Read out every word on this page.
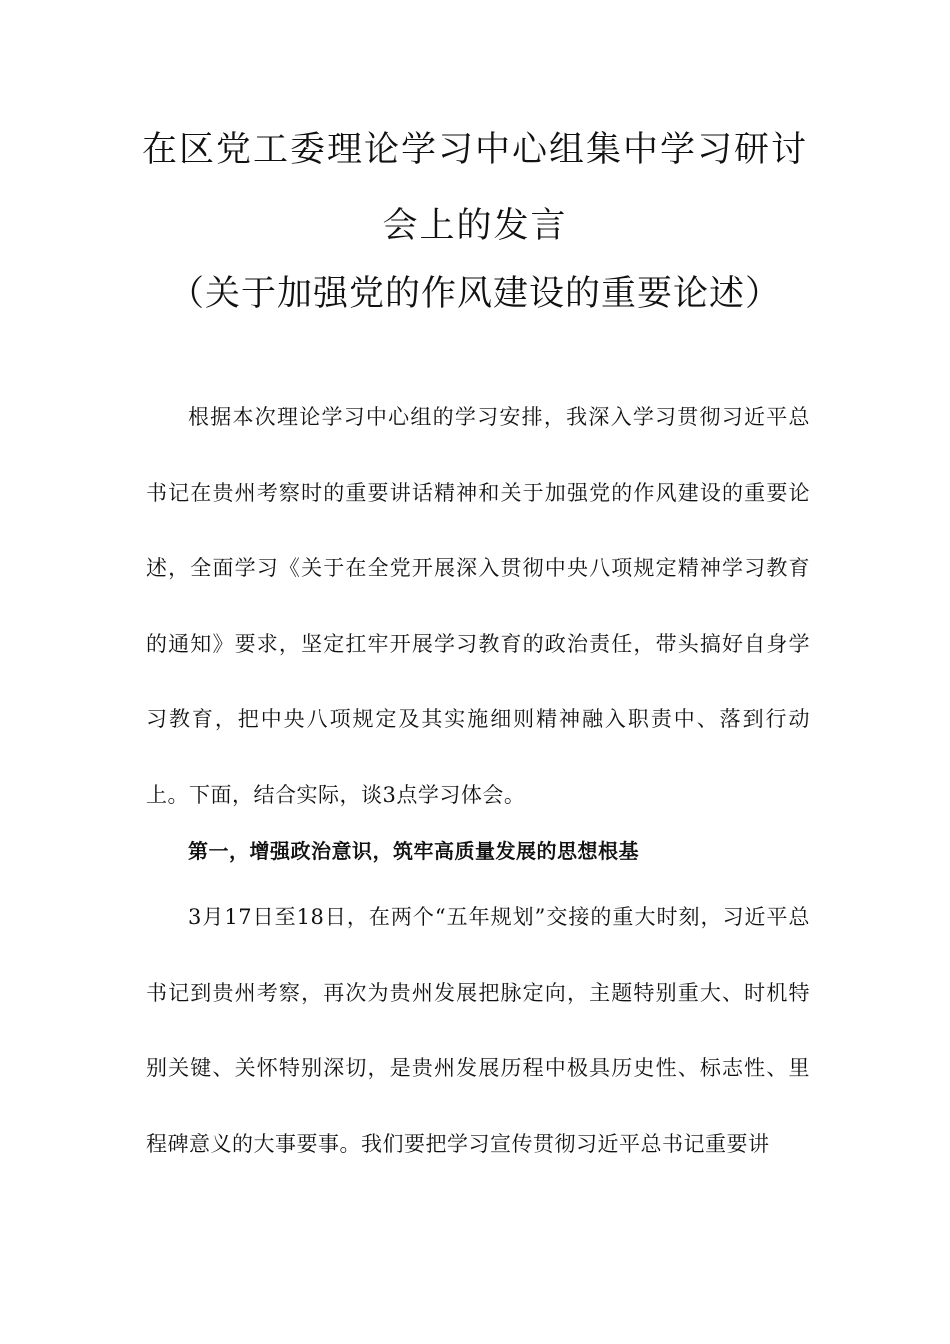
在区党工委理论学习中心组集中学习研讨
会上的发言
（关于加强党的作风建设的重要论述）

根据本次理论学习中心组的学习安排，我深入学习贯彻习近平总书记在贵州考察时的重要讲话精神和关于加强党的作风建设的重要论述，全面学习《关于在全党开展深入贯彻中央八项规定精神学习教育的通知》要求，坚定扛牢开展学习教育的政治责任，带头搞好自身学习教育，把中央八项规定及其实施细则精神融入职责中、落到行动上。下面，结合实际，谈3点学习体会。

第一，增强政治意识，筑牢高质量发展的思想根基

3月17日至18日，在两个“五年规划”交接的重大时刻，习近平总书记到贵州考察，再次为贵州发展把脉定向，主题特别重大、时机特别关键、关怀特别深切，是贵州发展历程中极具历史性、标志性、里程碑意义的大事要事。我们要把学习宣传贯彻习近平总书记重要讲
